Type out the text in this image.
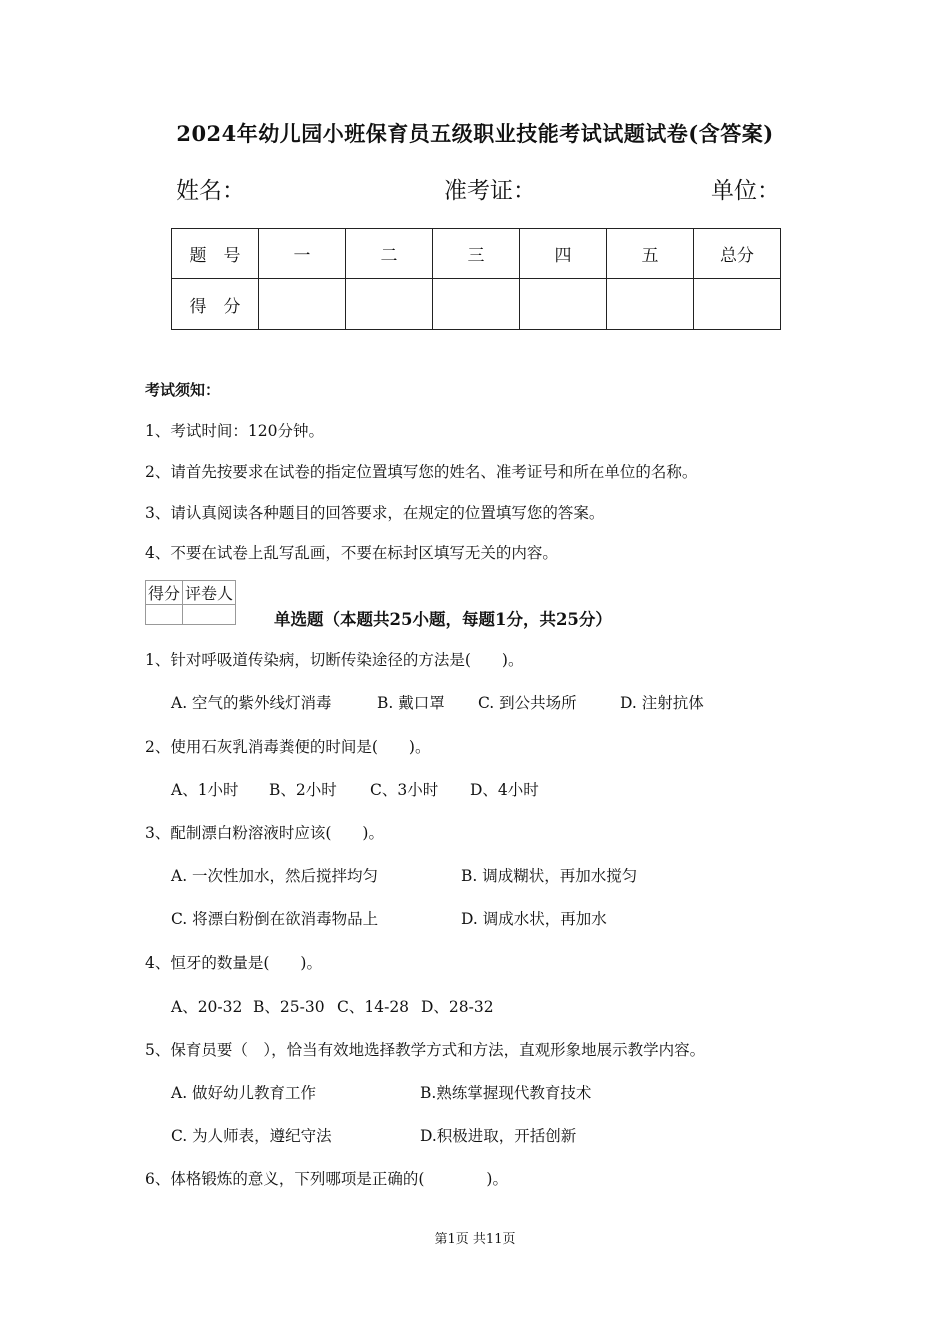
2024年幼儿园小班保育员五级职业技能考试试题试卷(含答案)
姓名：	准考证：	单位：
题　号	一	二	三	四	五	总分
得　分						
考试须知：
1、考试时间：120分钟。
2、请首先按要求在试卷的指定位置填写您的姓名、准考证号和所在单位的名称。
3、请认真阅读各种题目的回答要求，在规定的位置填写您的答案。
4、不要在试卷上乱写乱画，不要在标封区填写无关的内容。
得分	评卷人

单选题（本题共25小题，每题1分，共25分）
1、针对呼吸道传染病，切断传染途径的方法是(　　)。
A. 空气的紫外线灯消毒	B. 戴口罩 C. 到公共场所	D. 注射抗体
2、使用石灰乳消毒粪便的时间是(　　)。
A、1小时 B、2小时 C、3小时 D、4小时
3、配制漂白粉溶液时应该(　　)。
A. 一次性加水，然后搅拌均匀	B. 调成糊状，再加水搅匀
C. 将漂白粉倒在欲消毒物品上	D. 调成水状，再加水
4、恒牙的数量是(　　)。
A、20-32 B、25-30 C、14-28 D、28-32
5、保育员要（　），恰当有效地选择教学方式和方法，直观形象地展示教学内容。
A. 做好幼儿教育工作	B.熟练掌握现代教育技术
C. 为人师表，遵纪守法	D.积极进取，开括创新
6、体格锻炼的意义，下列哪项是正确的(　　　　)。
第1页 共11页
